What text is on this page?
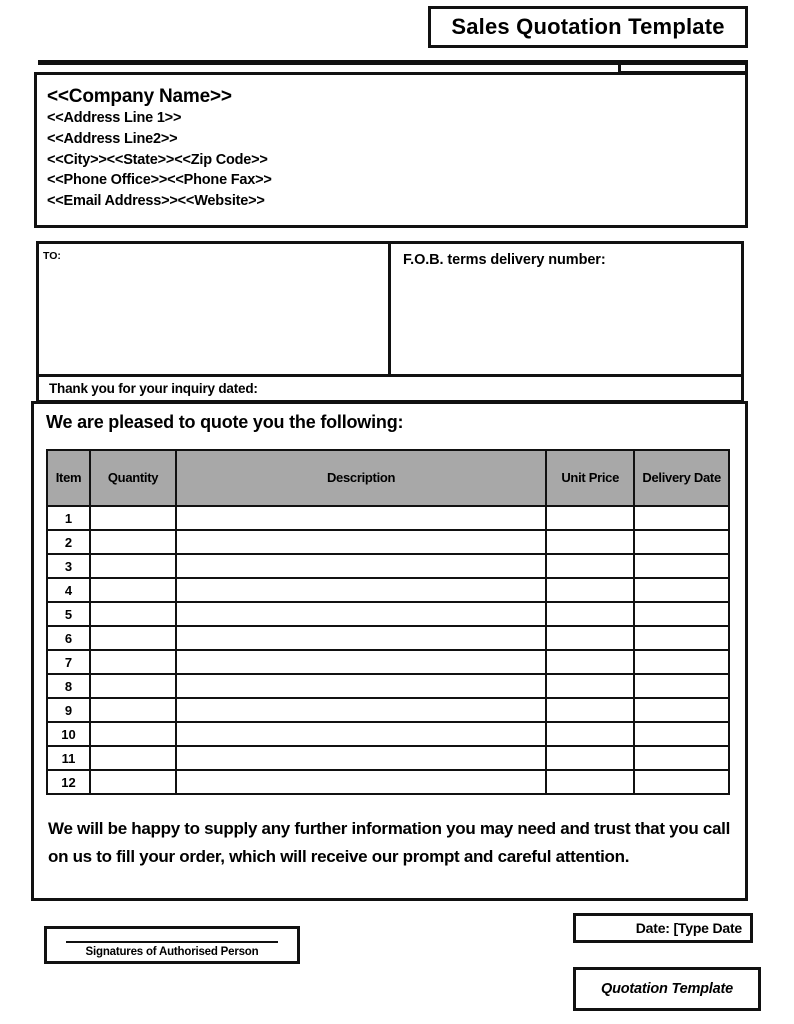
Sales Quotation Template
<<Company Name>>
<<Address Line 1>>
<<Address Line2>>
<<City>><<State>><<Zip Code>>
<<Phone Office>><<Phone Fax>>
<<Email Address>><<Website>>
TO:	F.O.B. terms delivery number:
Thank you for your inquiry dated:
We are pleased to quote you the following:
Item	Quantity	Description	Unit Price	Delivery Date
1				
2				
3				
4				
5				
6				
7				
8				
9				
10				
11				
12				
We will be happy to supply any further information you may need and trust that you call on us to fill your order, which will receive our prompt and careful attention.
Signatures of Authorised Person
Date: [Type Date
Quotation Template
